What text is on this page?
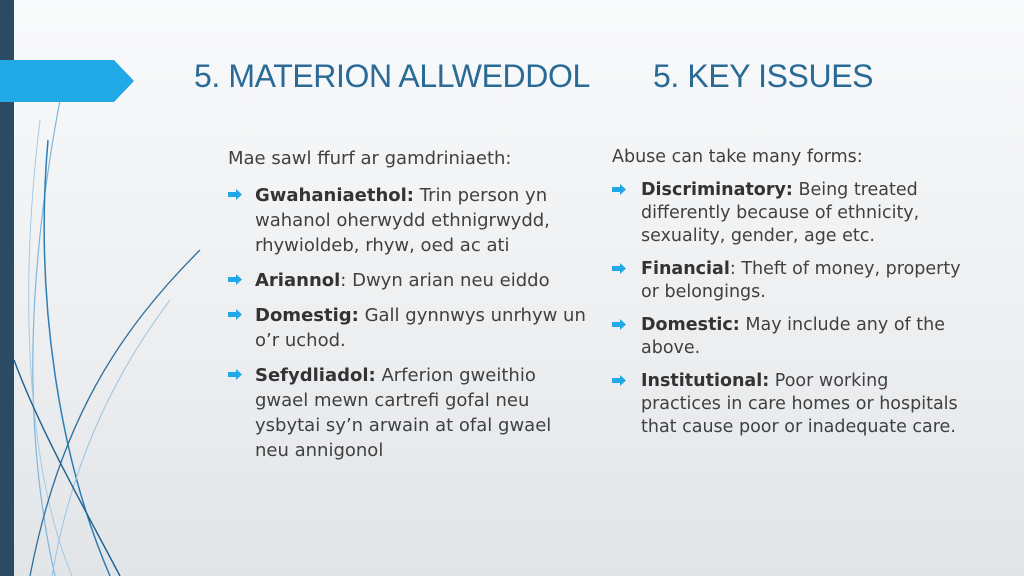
5. MATERION ALLWEDDOL 5. KEY ISSUES

Mae sawl ffurf ar gamdriniaeth:

Gwahaniaethol: Trin person yn wahanol oherwydd ethnigrwydd, rhywioldeb, rhyw, oed ac ati
Ariannol: Dwyn arian neu eiddo
Domestig: Gall gynnwys unrhyw un o’r uchod.
Sefydliadol: Arferion gweithio gwael mewn cartrefi gofal neu ysbytai sy’n arwain at ofal gwael neu annigonol

Abuse can take many forms:

Discriminatory: Being treated differently because of ethnicity, sexuality, gender, age etc.
Financial: Theft of money, property or belongings.
Domestic: May include any of the above.
Institutional: Poor working practices in care homes or hospitals that cause poor or inadequate care.
